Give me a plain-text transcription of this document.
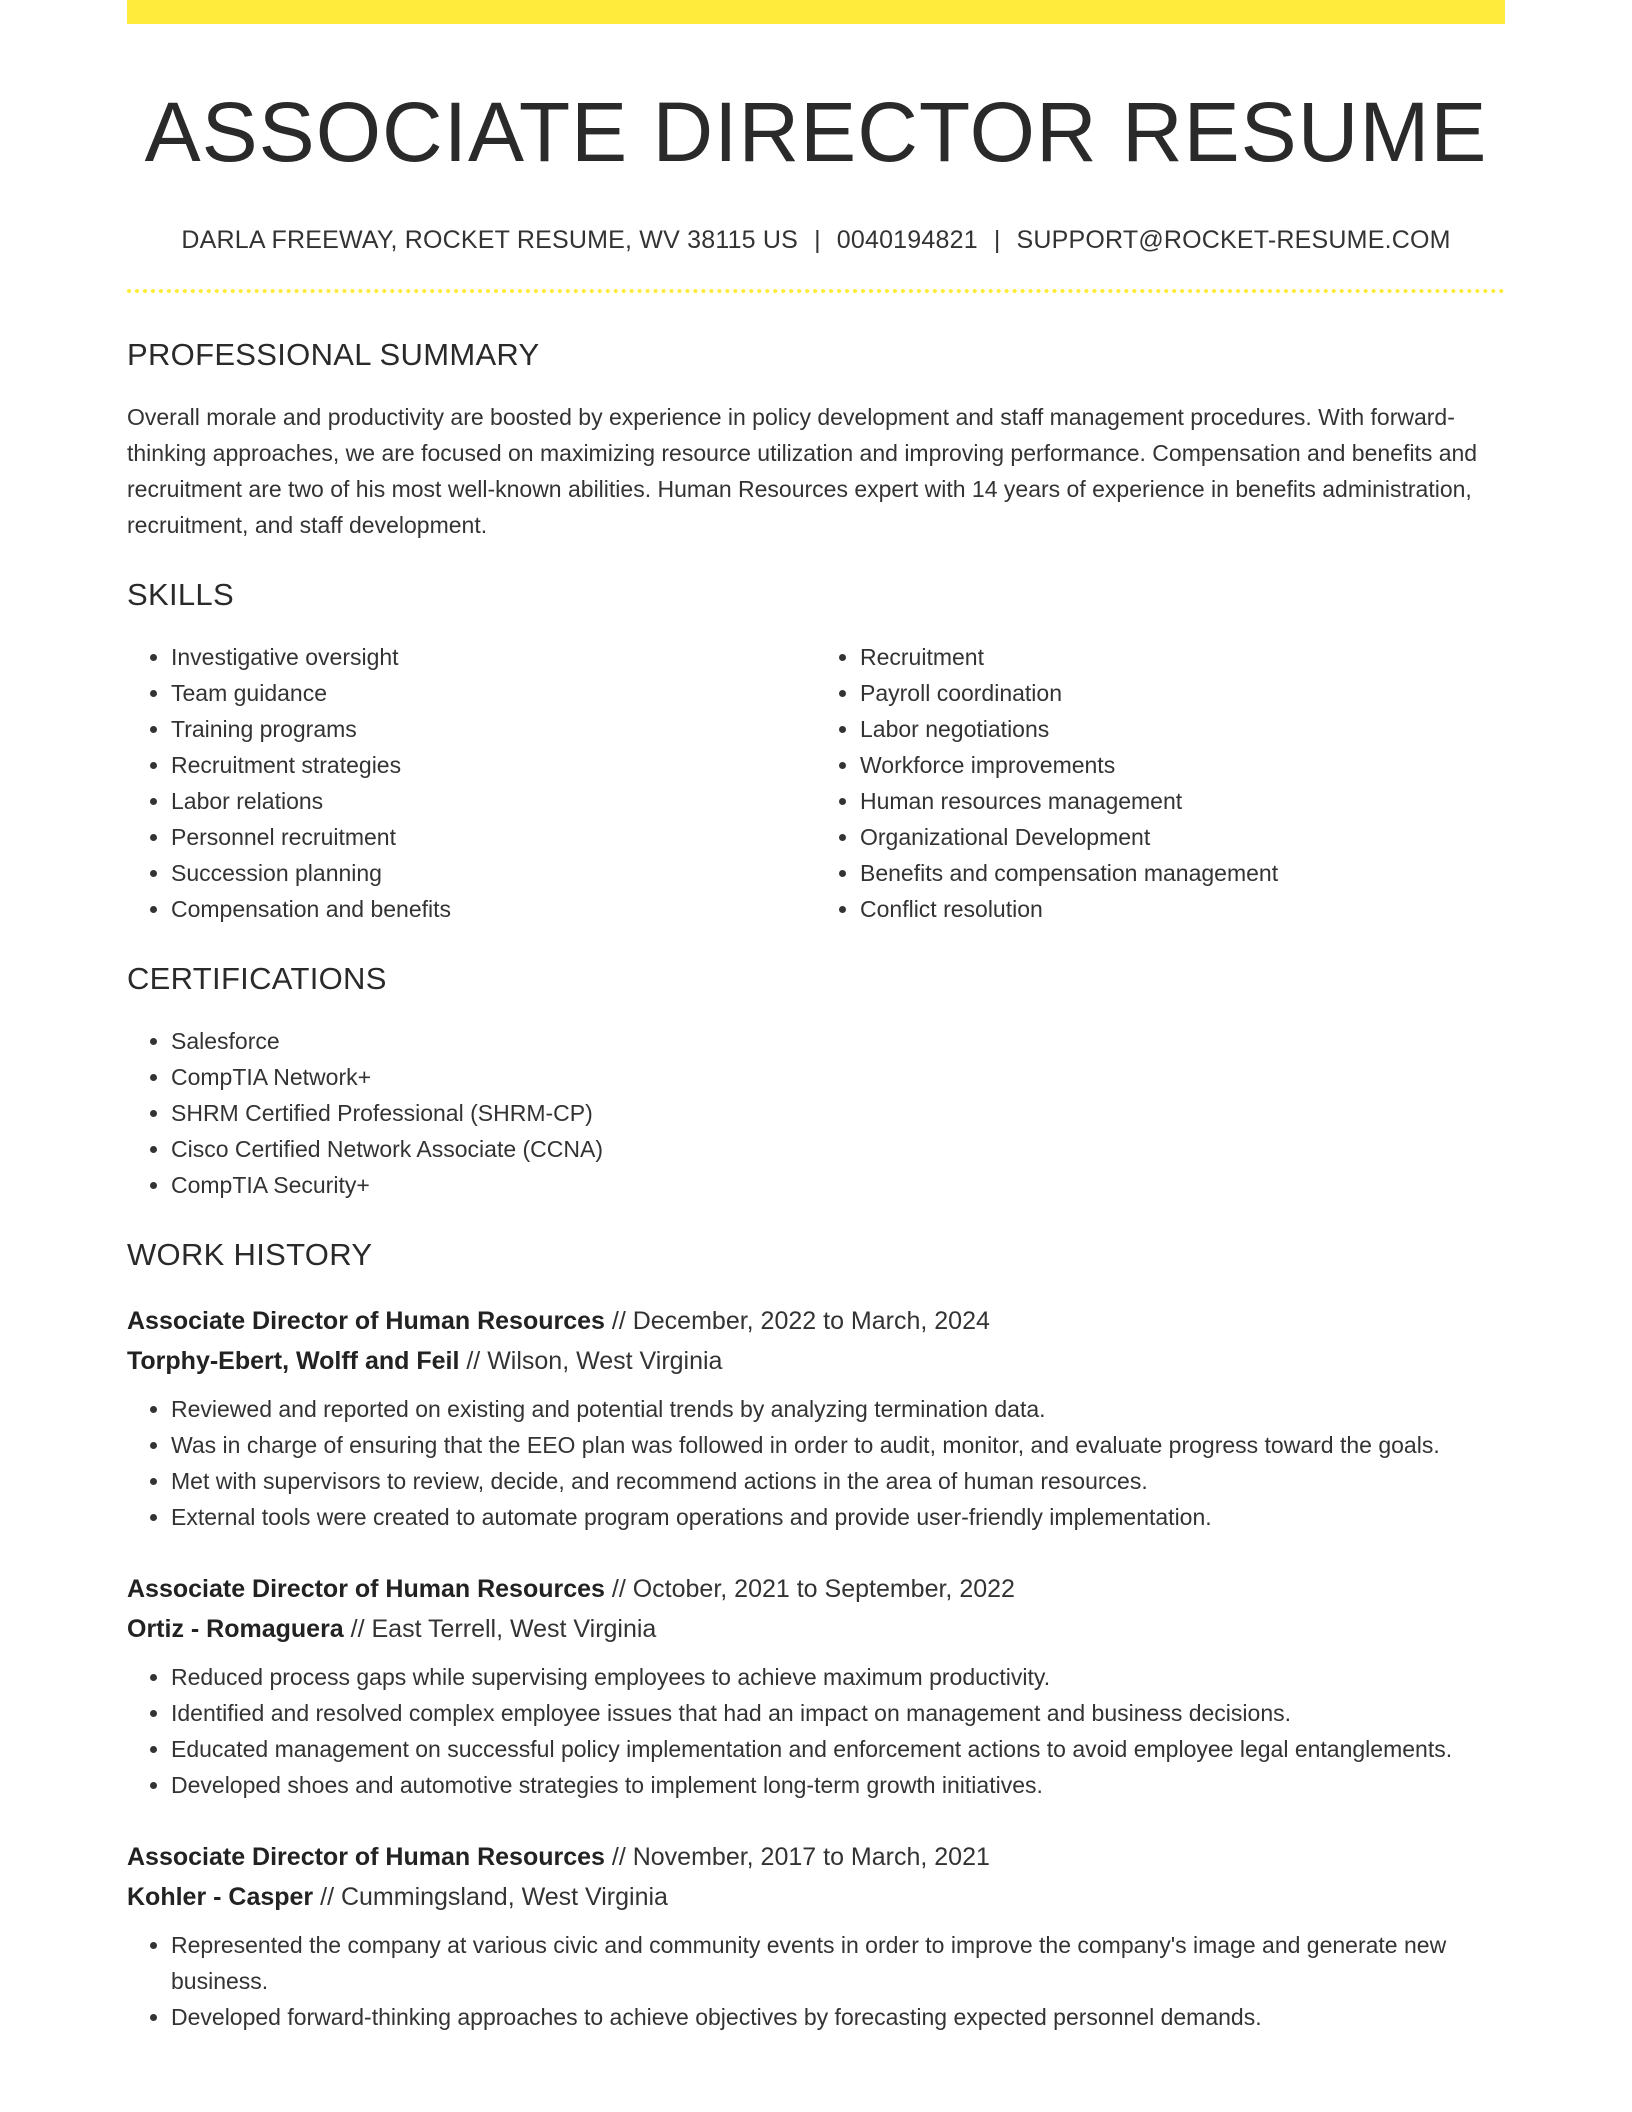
ASSOCIATE DIRECTOR RESUME
DARLA FREEWAY, ROCKET RESUME, WV 38115 US | 0040194821 | SUPPORT@ROCKET-RESUME.COM
PROFESSIONAL SUMMARY

Overall morale and productivity are boosted by experience in policy development and staff management procedures. With forward-thinking approaches, we are focused on maximizing resource utilization and improving performance. Compensation and benefits and recruitment are two of his most well-known abilities. Human Resources expert with 14 years of experience in benefits administration, recruitment, and staff development.

SKILLS
• Investigative oversight
• Team guidance
• Training programs
• Recruitment strategies
• Labor relations
• Personnel recruitment
• Succession planning
• Compensation and benefits
• Recruitment
• Payroll coordination
• Labor negotiations
• Workforce improvements
• Human resources management
• Organizational Development
• Benefits and compensation management
• Conflict resolution
CERTIFICATIONS
• Salesforce
• CompTIA Network+
• SHRM Certified Professional (SHRM-CP)
• Cisco Certified Network Associate (CCNA)
• CompTIA Security+
WORK HISTORY
Associate Director of Human Resources // December, 2022 to March, 2024
Torphy-Ebert, Wolff and Feil // Wilson, West Virginia
• Reviewed and reported on existing and potential trends by analyzing termination data.
• Was in charge of ensuring that the EEO plan was followed in order to audit, monitor, and evaluate progress toward the goals.
• Met with supervisors to review, decide, and recommend actions in the area of human resources.
• External tools were created to automate program operations and provide user-friendly implementation.
Associate Director of Human Resources // October, 2021 to September, 2022
Ortiz - Romaguera // East Terrell, West Virginia
• Reduced process gaps while supervising employees to achieve maximum productivity.
• Identified and resolved complex employee issues that had an impact on management and business decisions.
• Educated management on successful policy implementation and enforcement actions to avoid employee legal entanglements.
• Developed shoes and automotive strategies to implement long-term growth initiatives.
Associate Director of Human Resources // November, 2017 to March, 2021
Kohler - Casper // Cummingsland, West Virginia
• Represented the company at various civic and community events in order to improve the company's image and generate new business.
• Developed forward-thinking approaches to achieve objectives by forecasting expected personnel demands.
